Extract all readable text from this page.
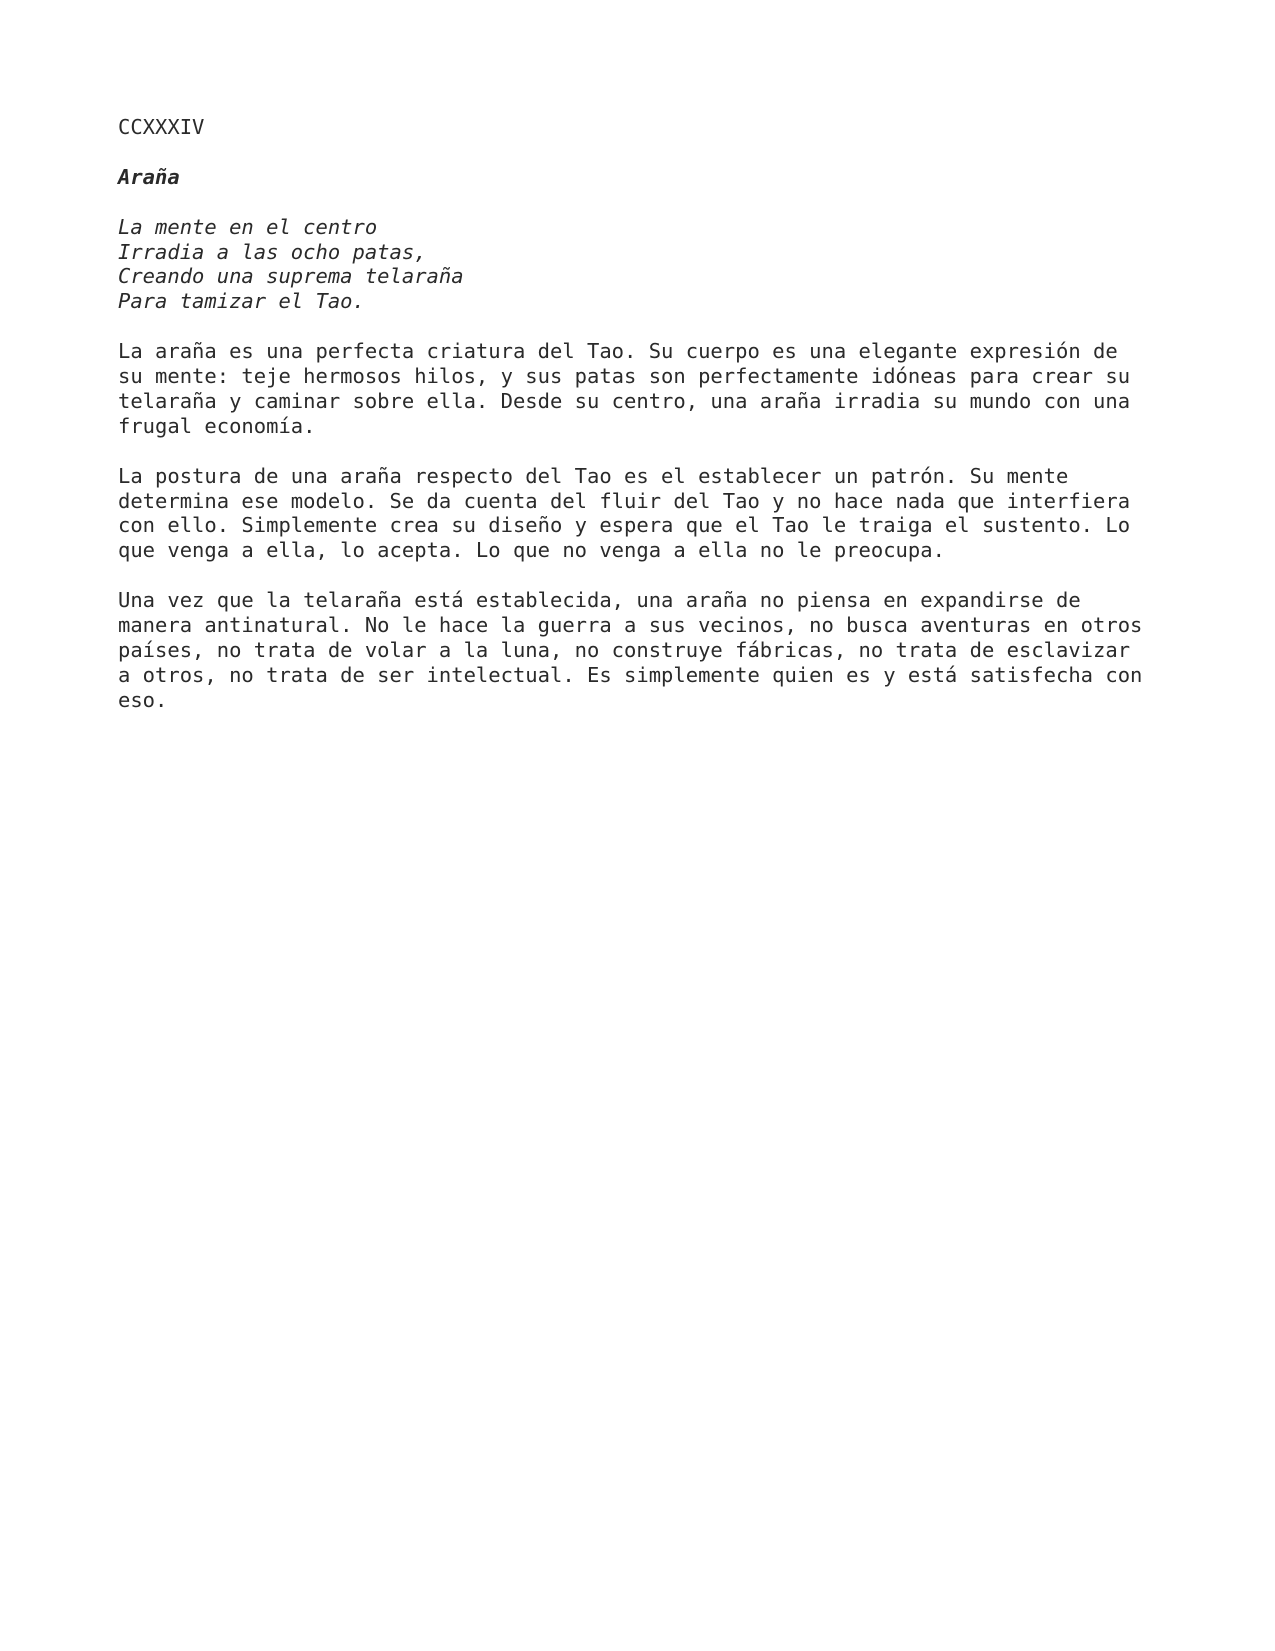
CCXXXIV
Araña
La mente en el centro
Irradia a las ocho patas,
Creando una suprema telaraña
Para tamizar el Tao.
La araña es una perfecta criatura del Tao. Su cuerpo es una elegante expresión de
su mente: teje hermosos hilos, y sus patas son perfectamente idóneas para crear su
telaraña y caminar sobre ella. Desde su centro, una araña irradia su mundo con una
frugal economía.
La postura de una araña respecto del Tao es el establecer un patrón. Su mente
determina ese modelo. Se da cuenta del fluir del Tao y no hace nada que interfiera
con ello. Simplemente crea su diseño y espera que el Tao le traiga el sustento. Lo
que venga a ella, lo acepta. Lo que no venga a ella no le preocupa.
Una vez que la telaraña está establecida, una araña no piensa en expandirse de
manera antinatural. No le hace la guerra a sus vecinos, no busca aventuras en otros
países, no trata de volar a la luna, no construye fábricas, no trata de esclavizar
a otros, no trata de ser intelectual. Es simplemente quien es y está satisfecha con
eso.
